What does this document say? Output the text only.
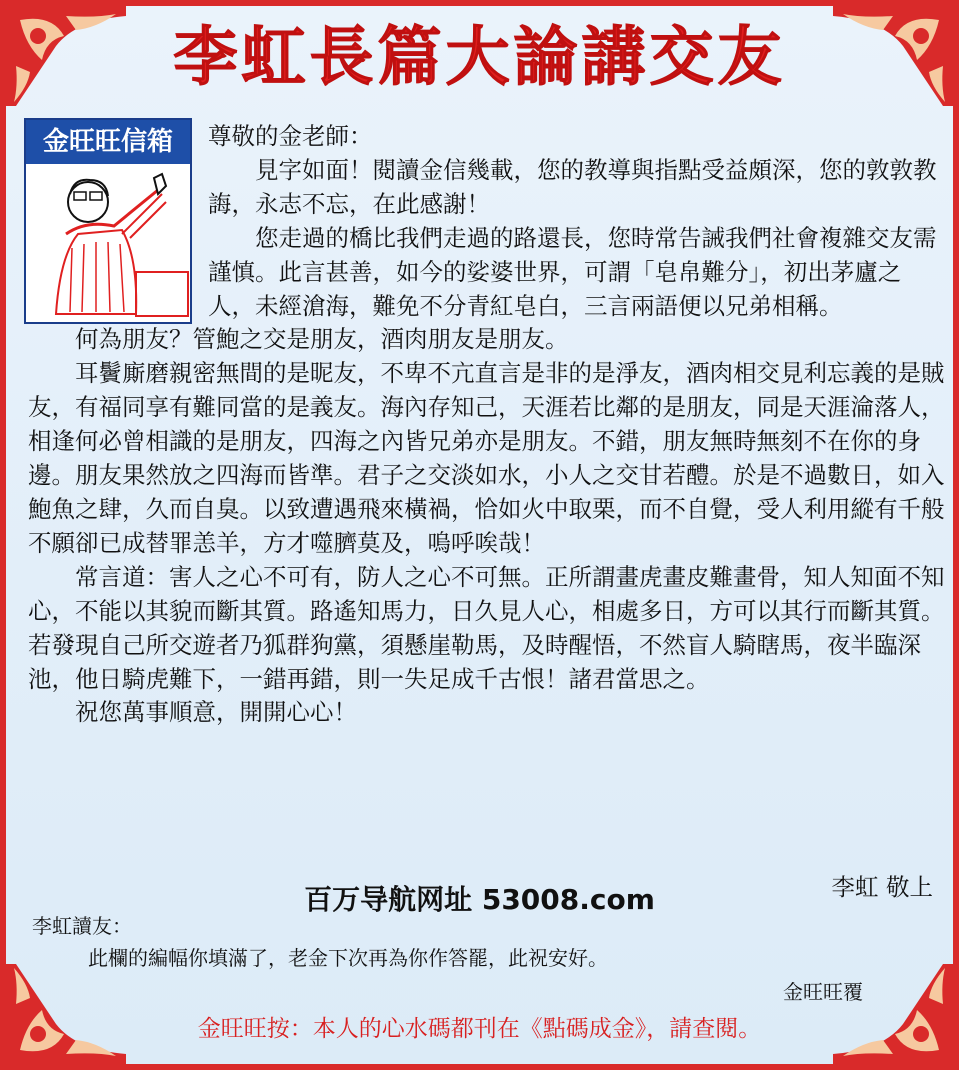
李虹長篇大論講交友
金旺旺信箱	尊敬的金老師：

見字如面！閱讀金信幾載，您的教導與指點受益頗深，您的敦敦教誨，永志不忘，在此感謝！

您走過的橋比我們走過的路還長，您時常告誡我們社會複雜交友需謹慎。此言甚善，如今的娑婆世界，可謂「皂帛難分」，初出茅廬之人，未經滄海，難免不分青紅皂白，三言兩語便以兄弟相稱。

何為朋友？管鮑之交是朋友，酒肉朋友是朋友。

耳鬢廝磨親密無間的是昵友，不卑不亢直言是非的是淨友，酒肉相交見利忘義的是賊友，有福同享有難同當的是義友。海內存知己，天涯若比鄰的是朋友，同是天涯淪落人，相逢何必曾相識的是朋友，四海之內皆兄弟亦是朋友。不錯，朋友無時無刻不在你的身邊。朋友果然放之四海而皆準。君子之交淡如水，小人之交甘若醴。於是不過數日，如入鮑魚之肆，久而自臭。以致遭遇飛來橫禍，恰如火中取栗，而不自覺，受人利用縱有千般不願卻已成替罪恙羊，方才噬臍莫及，嗚呼唉哉！

常言道：害人之心不可有，防人之心不可無。正所謂畫虎畫皮難畫骨，知人知面不知心，不能以其貌而斷其質。路遙知馬力，日久見人心，相處多日，方可以其行而斷其質。若發現自己所交遊者乃狐群狗黨，須懸崖勒馬，及時醒悟，不然盲人騎瞎馬，夜半臨深池，他日騎虎難下，一錯再錯，則一失足成千古恨！諸君當思之。

祝您萬事順意，開開心心！

李虹 敬上
百万导航网址 53008.com
李虹讀友：
此欄的編幅你填滿了，老金下次再為你作答罷，此祝安好。
金旺旺覆
金旺旺按：本人的心水碼都刊在《點碼成金》，請查閱。
